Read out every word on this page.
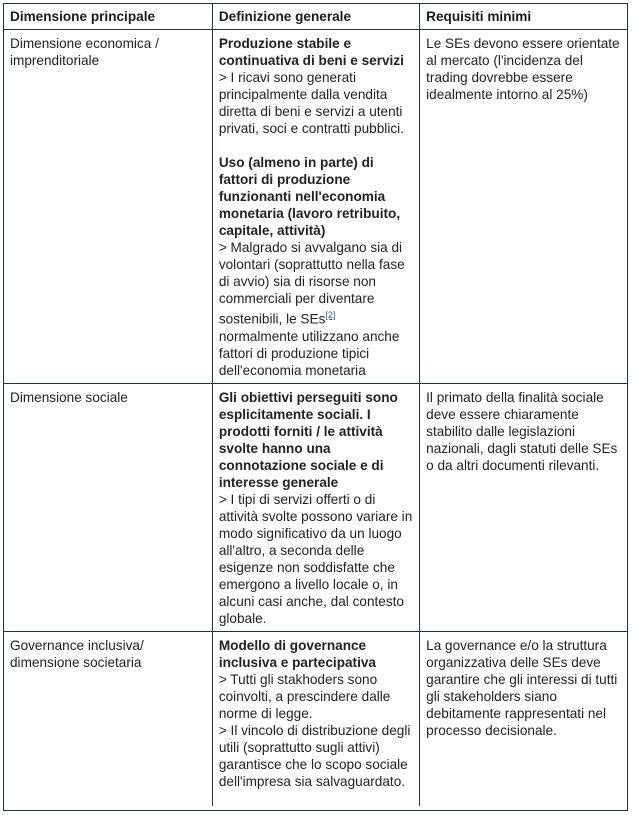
Dimensione principale	Definizione generale	Requisiti minimi
Dimensione economica / imprenditoriale	Produzione stabile e continuativa di beni e servizi
> I ricavi sono generati principalmente dalla vendita diretta di beni e servizi a utenti privati, soci e contratti pubblici.
Uso (almeno in parte) di fattori di produzione funzionanti nell'economia monetaria (lavoro retribuito, capitale, attività)
> Malgrado si avvalgano sia di volontari (soprattutto nella fase di avvio) sia di risorse non commerciali per diventare sostenibili, le SEs[2] normalmente utilizzano anche fattori di produzione tipici dell'economia monetaria	Le SEs devono essere orientate al mercato (l'incidenza del trading dovrebbe essere idealmente intorno al 25%)
Dimensione sociale	Gli obiettivi perseguiti sono esplicitamente sociali. I prodotti forniti / le attività svolte hanno una connotazione sociale e di interesse generale
> I tipi di servizi offerti o di attività svolte possono variare in modo significativo da un luogo all'altro, a seconda delle esigenze non soddisfatte che emergono a livello locale o, in alcuni casi anche, dal contesto globale.	Il primato della finalità sociale deve essere chiaramente stabilito dalle legislazioni nazionali, dagli statuti delle SEs o da altri documenti rilevanti.
Governance inclusiva/ dimensione societaria	Modello di governance inclusiva e partecipativa
> Tutti gli stakhoders sono coinvolti, a prescindere dalle norme di legge.
> Il vincolo di distribuzione degli utili (soprattutto sugli attivi) garantisce che lo scopo sociale dell'impresa sia salvaguardato.	La governance e/o la struttura organizzativa delle SEs deve garantire che gli interessi di tutti gli stakeholders siano debitamente rappresentati nel processo decisionale.
